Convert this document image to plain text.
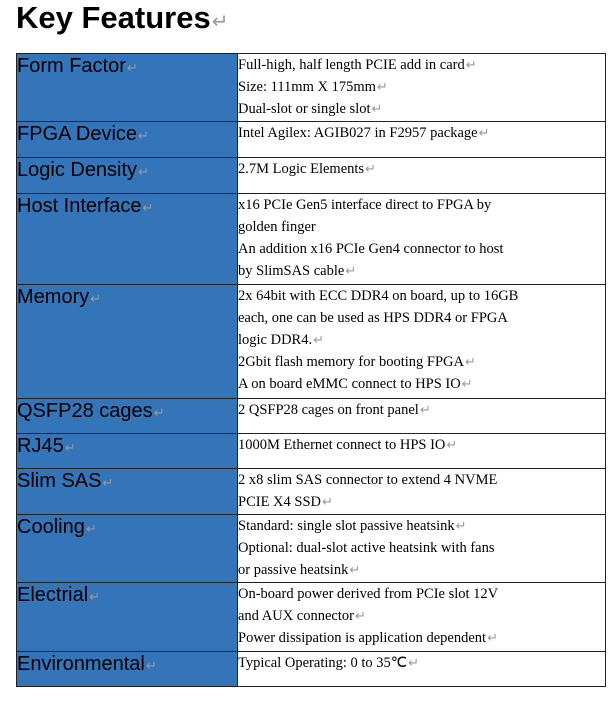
Key Features↵
Form Factor↵	Full-high, half length PCIE add in card↵
Size: 111mm X 175mm↵
Dual-slot or single slot↵

FPGA Device↵	Intel Agilex: AGIB027 in F2957 package↵

Logic Density↵	2.7M Logic Elements↵

Host Interface↵	x16 PCIe Gen5 interface direct to FPGA by
golden finger
An addition x16 PCIe Gen4 connector to host
by SlimSAS cable↵

Memory↵	2x 64bit with ECC DDR4 on board, up to 16GB
each, one can be used as HPS DDR4 or FPGA
logic DDR4.↵
2Gbit flash memory for booting FPGA↵
A on board eMMC connect to HPS IO↵

QSFP28 cages↵	2 QSFP28 cages on front panel↵

RJ45↵	1000M Ethernet connect to HPS IO↵

Slim SAS↵	2 x8 slim SAS connector to extend 4 NVME
PCIE X4 SSD↵

Cooling↵	Standard: single slot passive heatsink↵
Optional: dual-slot active heatsink with fans
or passive heatsink↵

Electrial↵	On-board power derived from PCIe slot 12V
and AUX connector↵
Power dissipation is application dependent↵

Environmental↵	Typical Operating: 0 to 35℃↵
